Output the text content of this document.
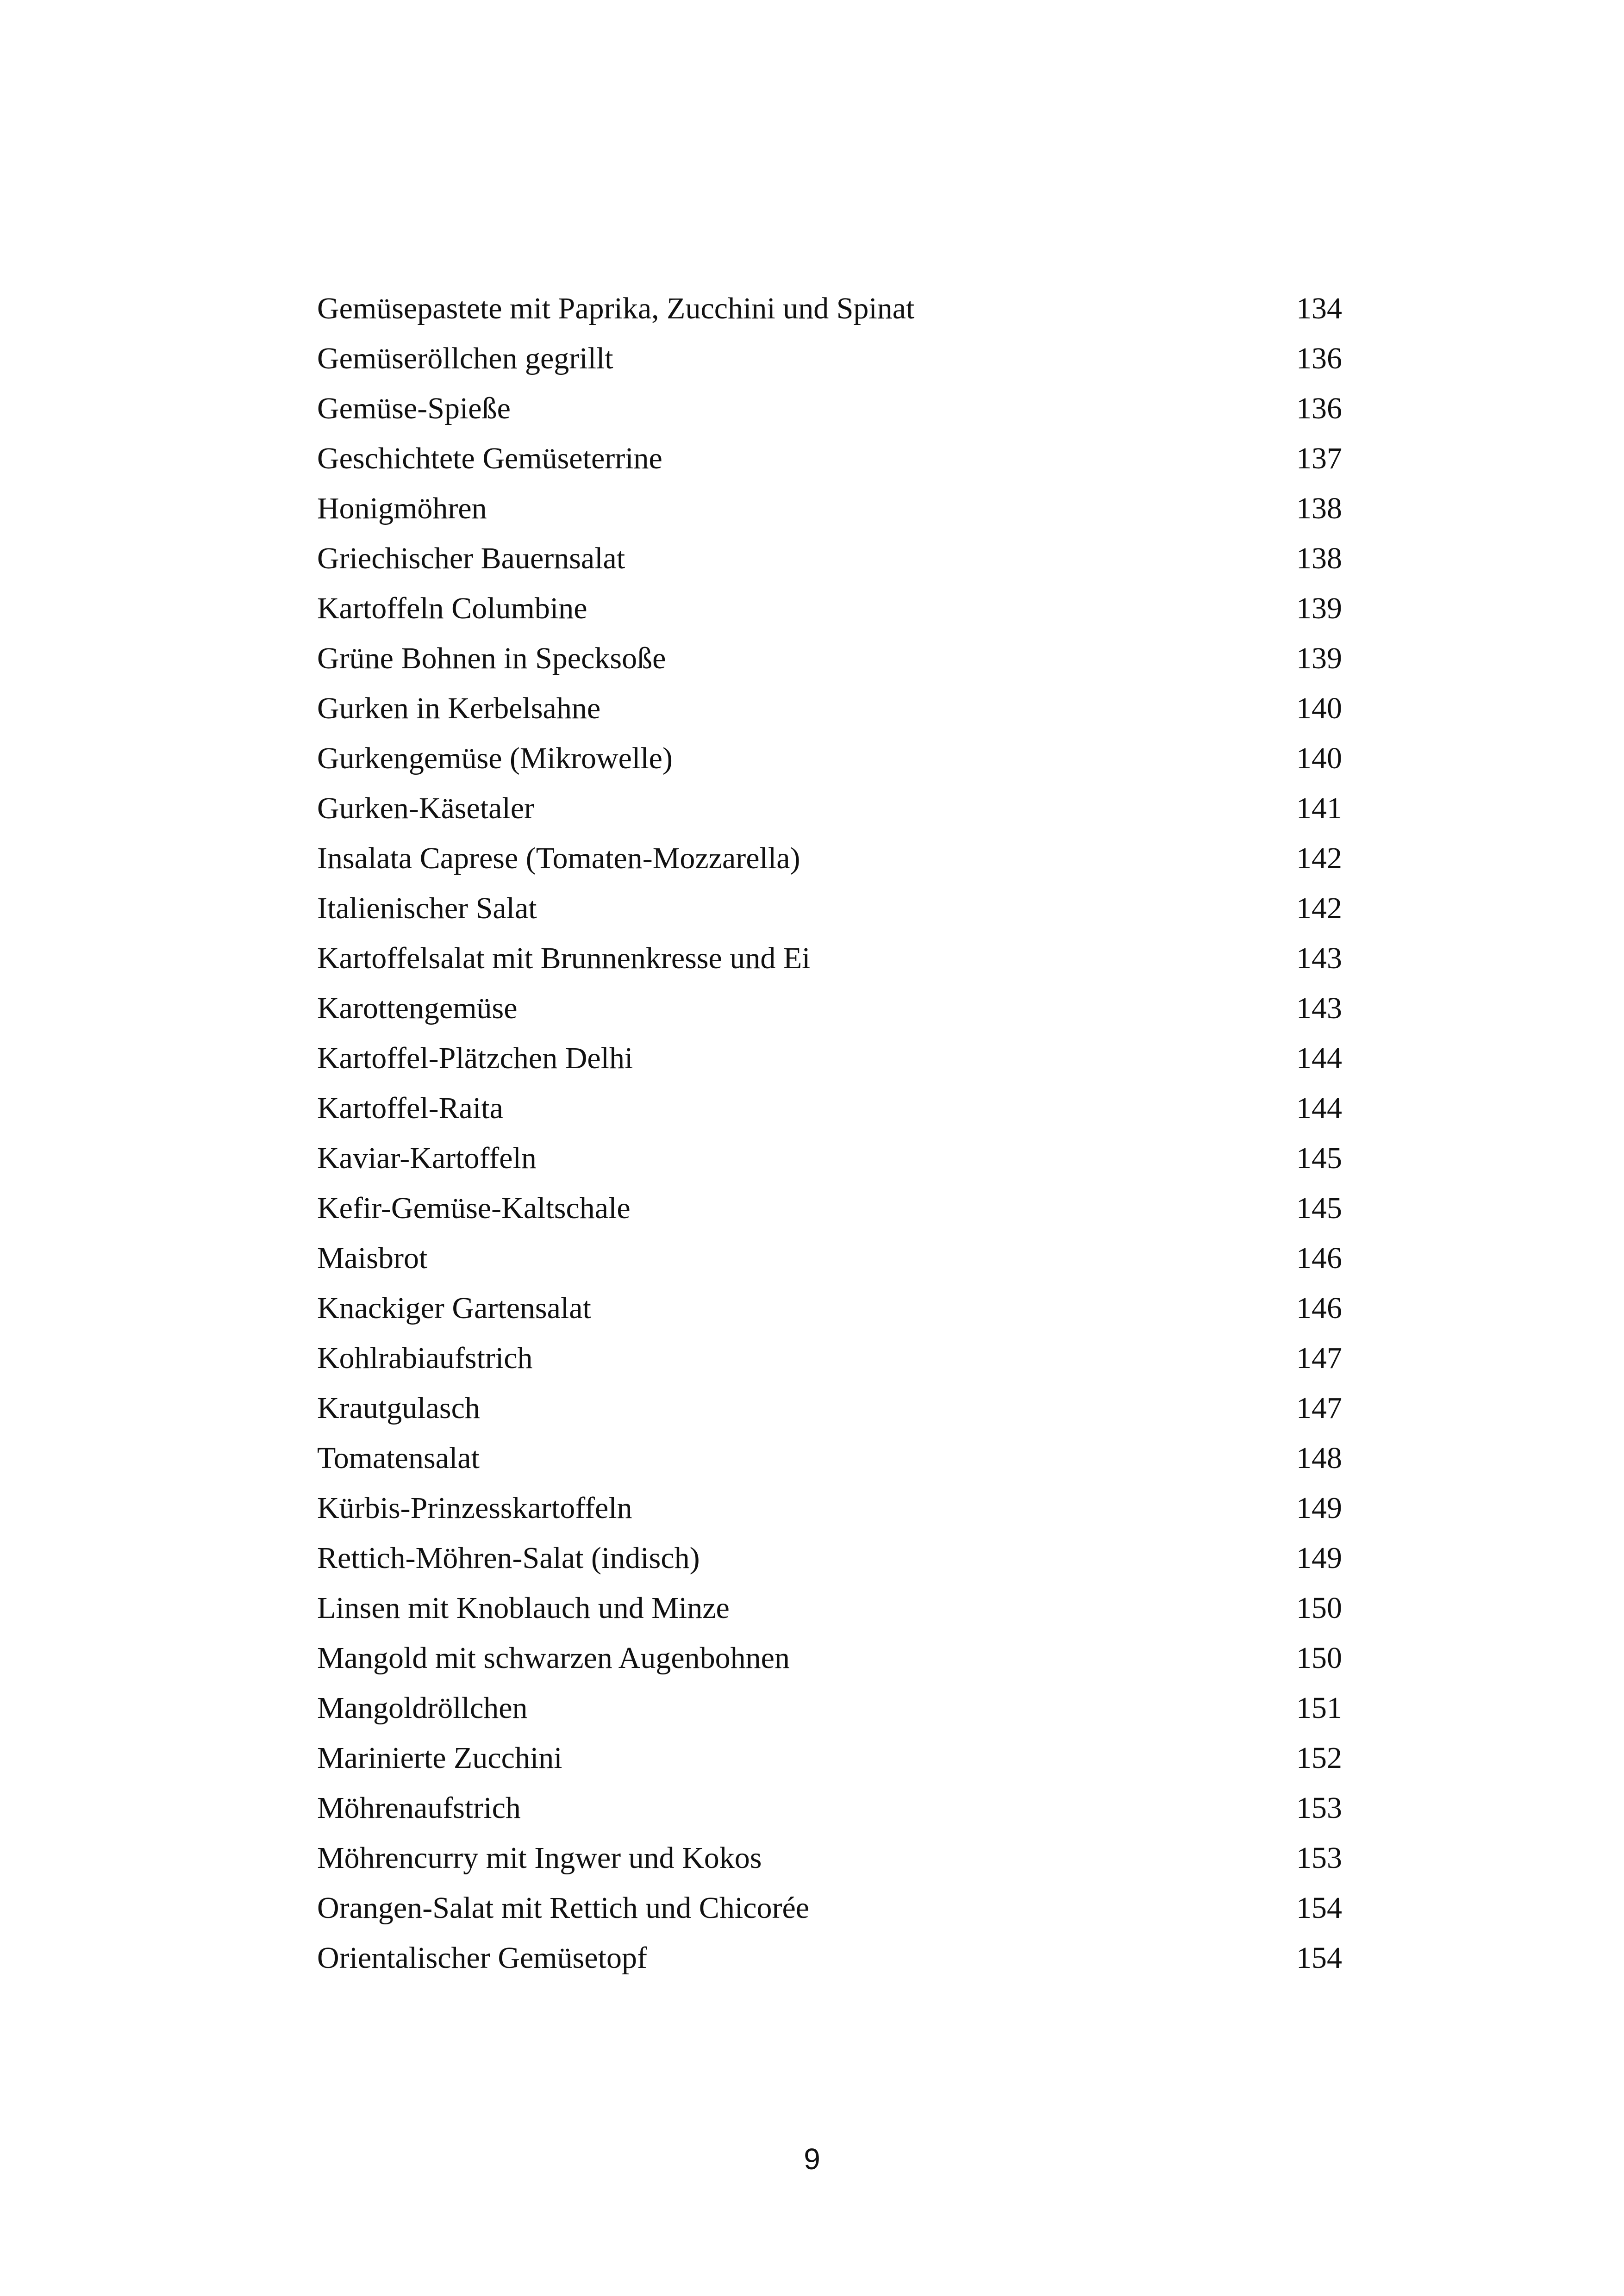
Gemüsepastete mit Paprika, Zucchini und Spinat	134
Gemüseröllchen gegrillt	136
Gemüse-Spieße	136
Geschichtete Gemüseterrine	137
Honigmöhren	138
Griechischer Bauernsalat	138
Kartoffeln Columbine	139
Grüne Bohnen in Specksoße	139
Gurken in Kerbelsahne	140
Gurkengemüse (Mikrowelle)	140
Gurken-Käsetaler	141
Insalata Caprese (Tomaten-Mozzarella)	142
Italienischer Salat	142
Kartoffelsalat mit Brunnenkresse und Ei	143
Karottengemüse	143
Kartoffel-Plätzchen Delhi	144
Kartoffel-Raita	144
Kaviar-Kartoffeln	145
Kefir-Gemüse-Kaltschale	145
Maisbrot	146
Knackiger Gartensalat	146
Kohlrabiaufstrich	147
Krautgulasch	147
Tomatensalat	148
Kürbis-Prinzesskartoffeln	149
Rettich-Möhren-Salat (indisch)	149
Linsen mit Knoblauch und Minze	150
Mangold mit schwarzen Augenbohnen	150
Mangoldröllchen	151
Marinierte Zucchini	152
Möhrenaufstrich	153
Möhrencurry mit Ingwer und Kokos	153
Orangen-Salat mit Rettich und Chicorée	154
Orientalischer Gemüsetopf	154
9
